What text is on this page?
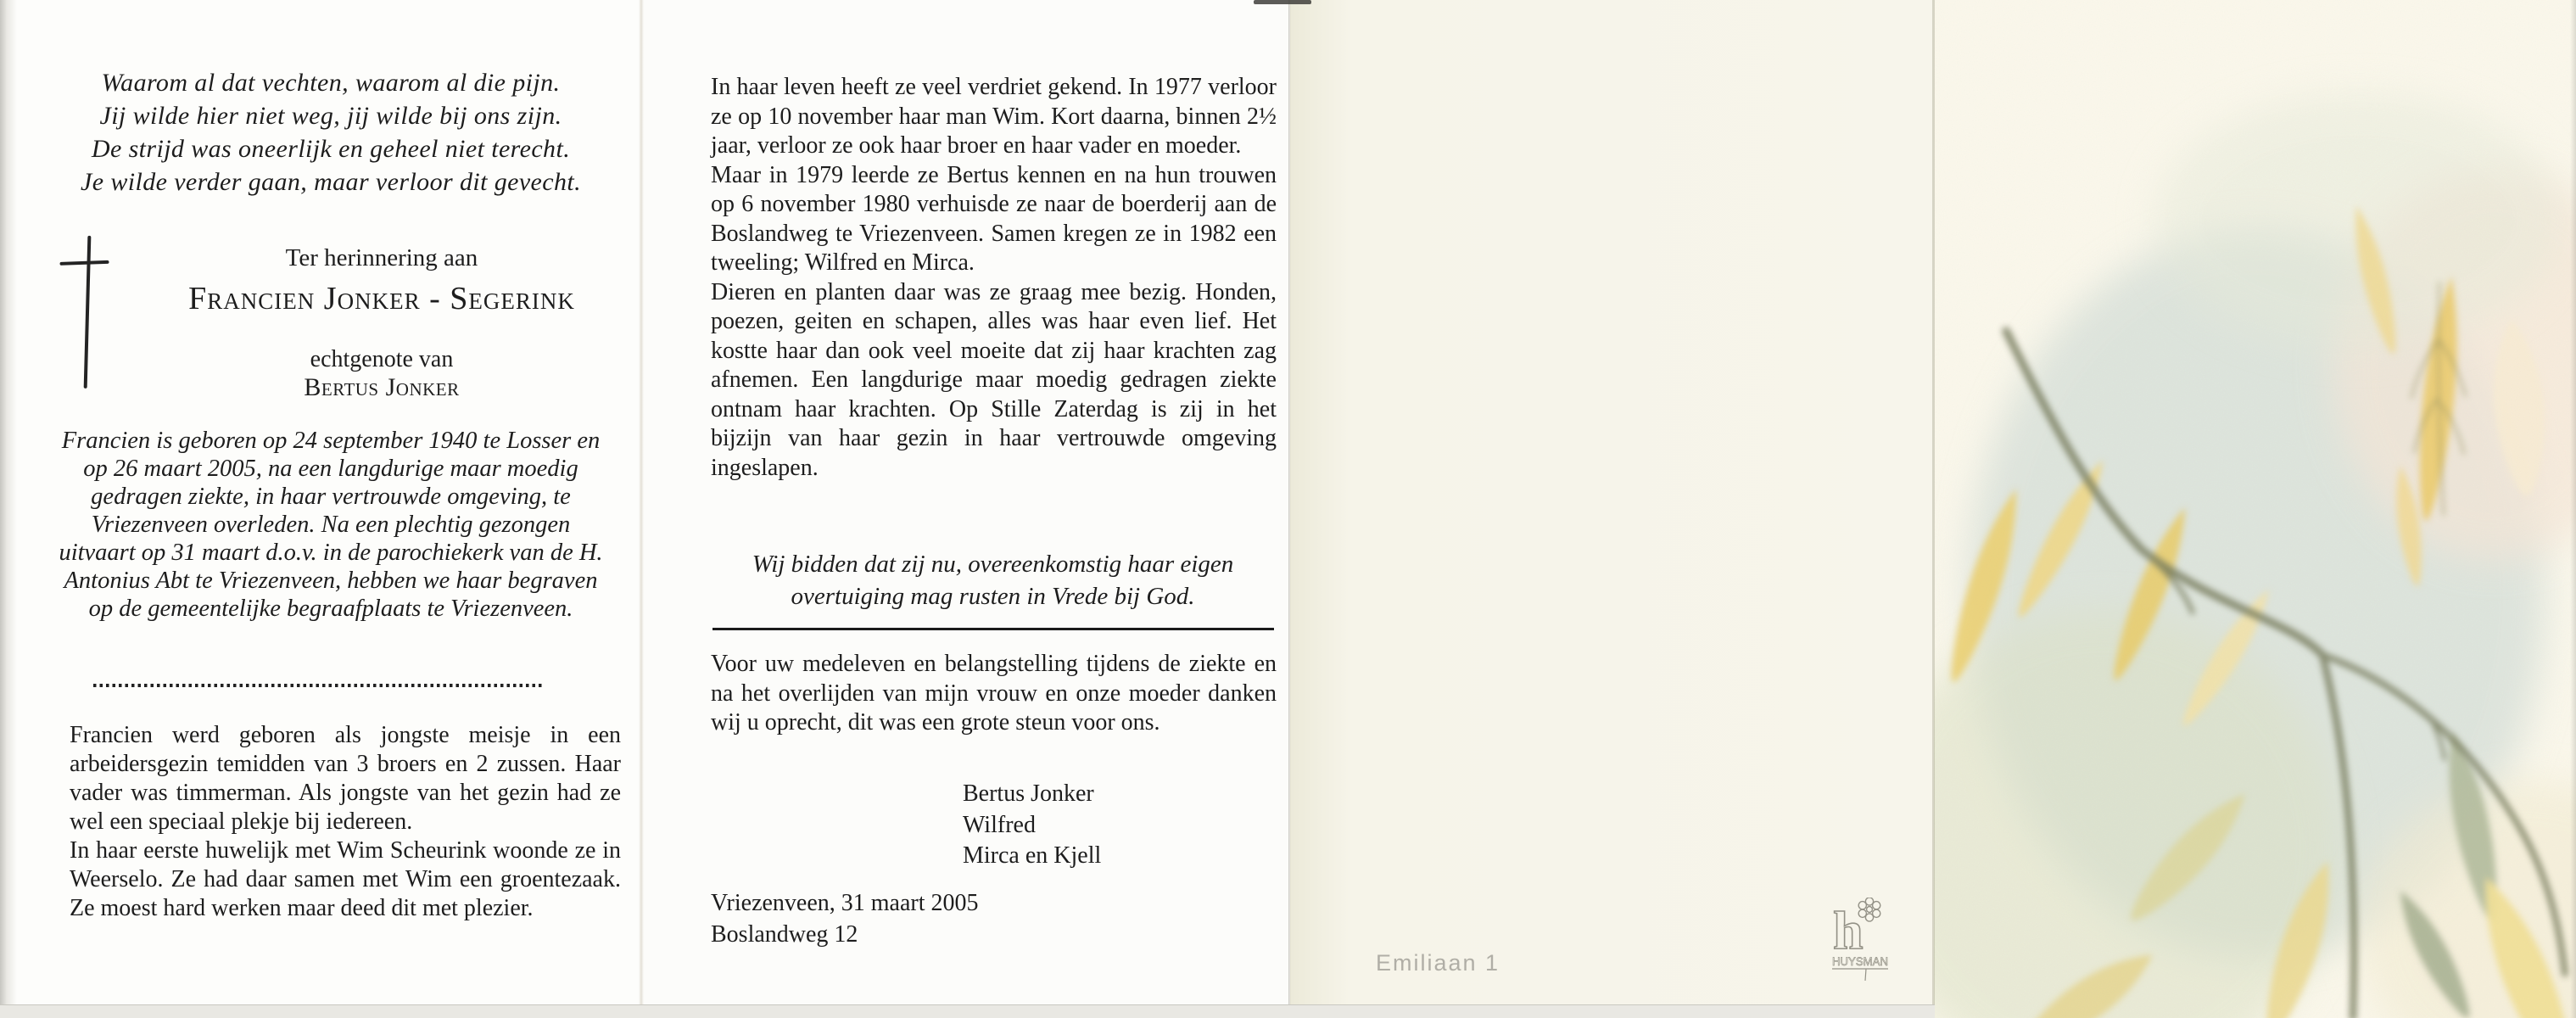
Waarom al dat vechten, waarom al die pijn.
Jij wilde hier niet weg, jij wilde bij ons zijn.
De strijd was oneerlijk en geheel niet terecht.
Je wilde verder gaan, maar verloor dit gevecht.
Ter herinnering aan
Francien Jonker - Segerink
echtgenote van
Bertus Jonker
Francien is geboren op 24 september 1940 te Losser en op 26 maart 2005, na een langdurige maar moedig gedragen ziekte, in haar vertrouwde omgeving, te Vriezenveen overleden. Na een plechtig gezongen uitvaart op 31 maart d.o.v. in de parochiekerk van de H. Antonius Abt te Vriezenveen, hebben we haar begraven op de gemeentelijke begraafplaats te Vriezenveen.

Francien werd geboren als jongste meisje in een arbeidersgezin temidden van 3 broers en 2 zussen. Haar vader was timmerman. Als jongste van het gezin had ze wel een speciaal plekje bij iedereen.

In haar eerste huwelijk met Wim Scheurink woonde ze in Weerselo. Ze had daar samen met Wim een groentezaak. Ze moest hard werken maar deed dit met plezier.

In haar leven heeft ze veel verdriet gekend. In 1977 verloor ze op 10 november haar man Wim. Kort daarna, binnen 2½ jaar, verloor ze ook haar broer en haar vader en moeder.

Maar in 1979 leerde ze Bertus kennen en na hun trouwen op 6 november 1980 verhuisde ze naar de boerderij aan de Boslandweg te Vriezenveen. Samen kregen ze in 1982 een tweeling; Wilfred en Mirca.

Dieren en planten daar was ze graag mee bezig. Honden, poezen, geiten en schapen, alles was haar even lief. Het kostte haar dan ook veel moeite dat zij haar krachten zag afnemen. Een langdurige maar moedig gedragen ziekte ontnam haar krachten. Op Stille Zaterdag is zij in het bijzijn van haar gezin in haar vertrouwde omgeving ingeslapen.

Wij bidden dat zij nu, overeenkomstig haar eigen overtuiging mag rusten in Vrede bij God.
Voor uw medeleven en belangstelling tijdens de ziekte en na het overlijden van mijn vrouw en onze moeder danken wij u oprecht, dit was een grote steun voor ons.
Bertus Jonker
Wilfred
Mirca en Kjell
Vriezenveen, 31 maart 2005
Boslandweg 12
Emiliaan 1
h
HUYSMAN
